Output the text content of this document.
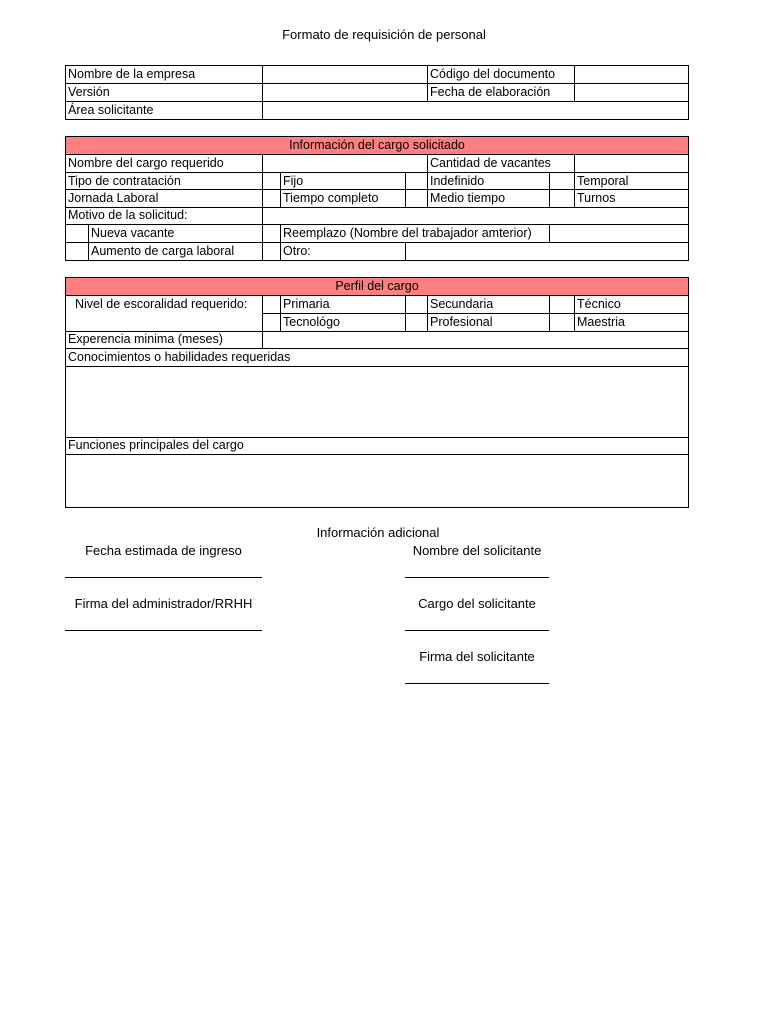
Formato de requisición de personal
Nombre de la empresa	Código del documento
Versión	Fecha de elaboración
Área solicitante
Información del cargo solicitado
Nombre del cargo requerido	Cantidad de vacantes
Tipo de contratación	Fijo	Indefinido	Temporal
Jornada Laboral	Tiempo completo	Medio tiempo	Turnos
Motivo de la solicitud:
Nueva vacante	Reemplazo (Nombre del trabajador amterior)
Aumento de carga laboral	Otro:
Perfil del cargo
Nivel de escoralidad requerido:	Primaria	Secundaria	Técnico
Tecnológo	Profesional	Maestria
Experencia minima (meses)
Conocimientos o habilidades requeridas
Funciones principales del cargo
Información adicional
Fecha estimada de ingreso
Firma del administrador/RRHH
Nombre del solicitante
Cargo del solicitante
Firma del solicitante
